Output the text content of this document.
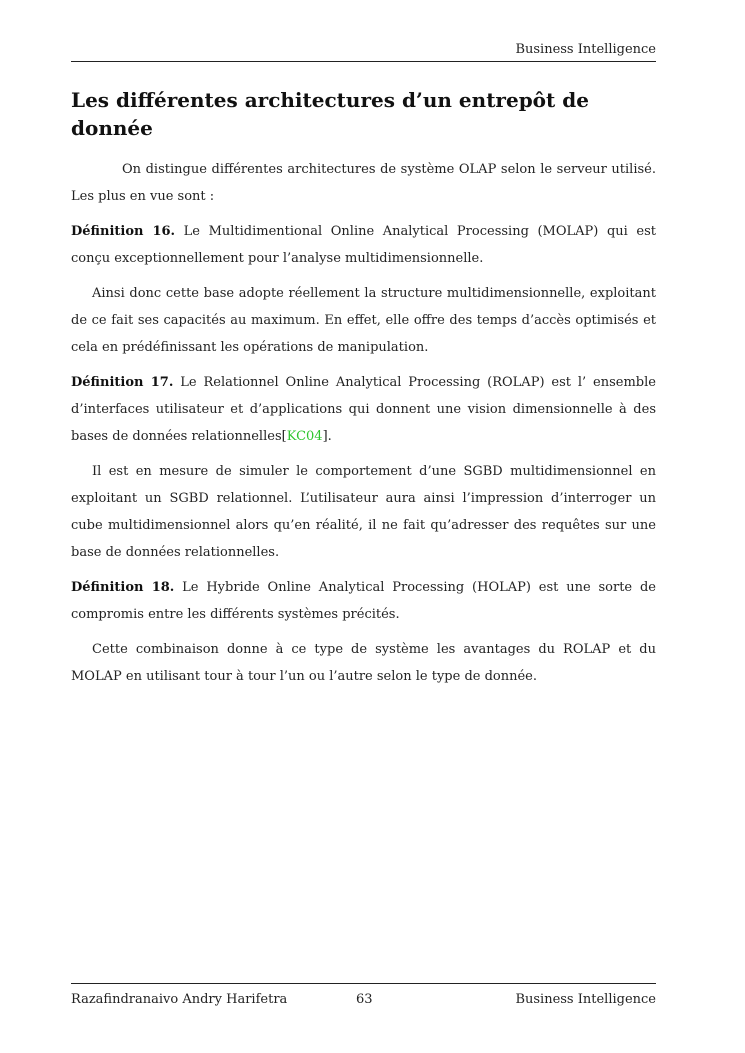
Business Intelligence
Les différentes architectures d’un entrepôt de donnée

On distingue différentes architectures de système OLAP selon le serveur utilisé. Les plus en vue sont :

Définition 16. Le Multidimentional Online Analytical Processing (MOLAP) qui est conçu exceptionnellement pour l’analyse multidimensionnelle.

Ainsi donc cette base adopte réellement la structure multidimensionnelle, exploitant de ce fait ses capacités au maximum. En effet, elle offre des temps d’accès optimisés et cela en prédéfinissant les opérations de manipulation.

Définition 17. Le Relationnel Online Analytical Processing (ROLAP) est l’ ensemble d’interfaces utilisateur et d’applications qui donnent une vision dimensionnelle à des bases de données relationnelles[KC04].

Il est en mesure de simuler le comportement d’une SGBD multidimensionnel en exploitant un SGBD relationnel. L’utilisateur aura ainsi l’impression d’interroger un cube multidimensionnel alors qu’en réalité, il ne fait qu’adresser des requêtes sur une base de données relationnelles.

Définition 18. Le Hybride Online Analytical Processing (HOLAP) est une sorte de compromis entre les différents systèmes précités.

Cette combinaison donne à ce type de système les avantages du ROLAP et du MOLAP en utilisant tour à tour l’un ou l’autre selon le type de donnée.

Razafindranaivo Andry Harifetra	63	Business Intelligence
